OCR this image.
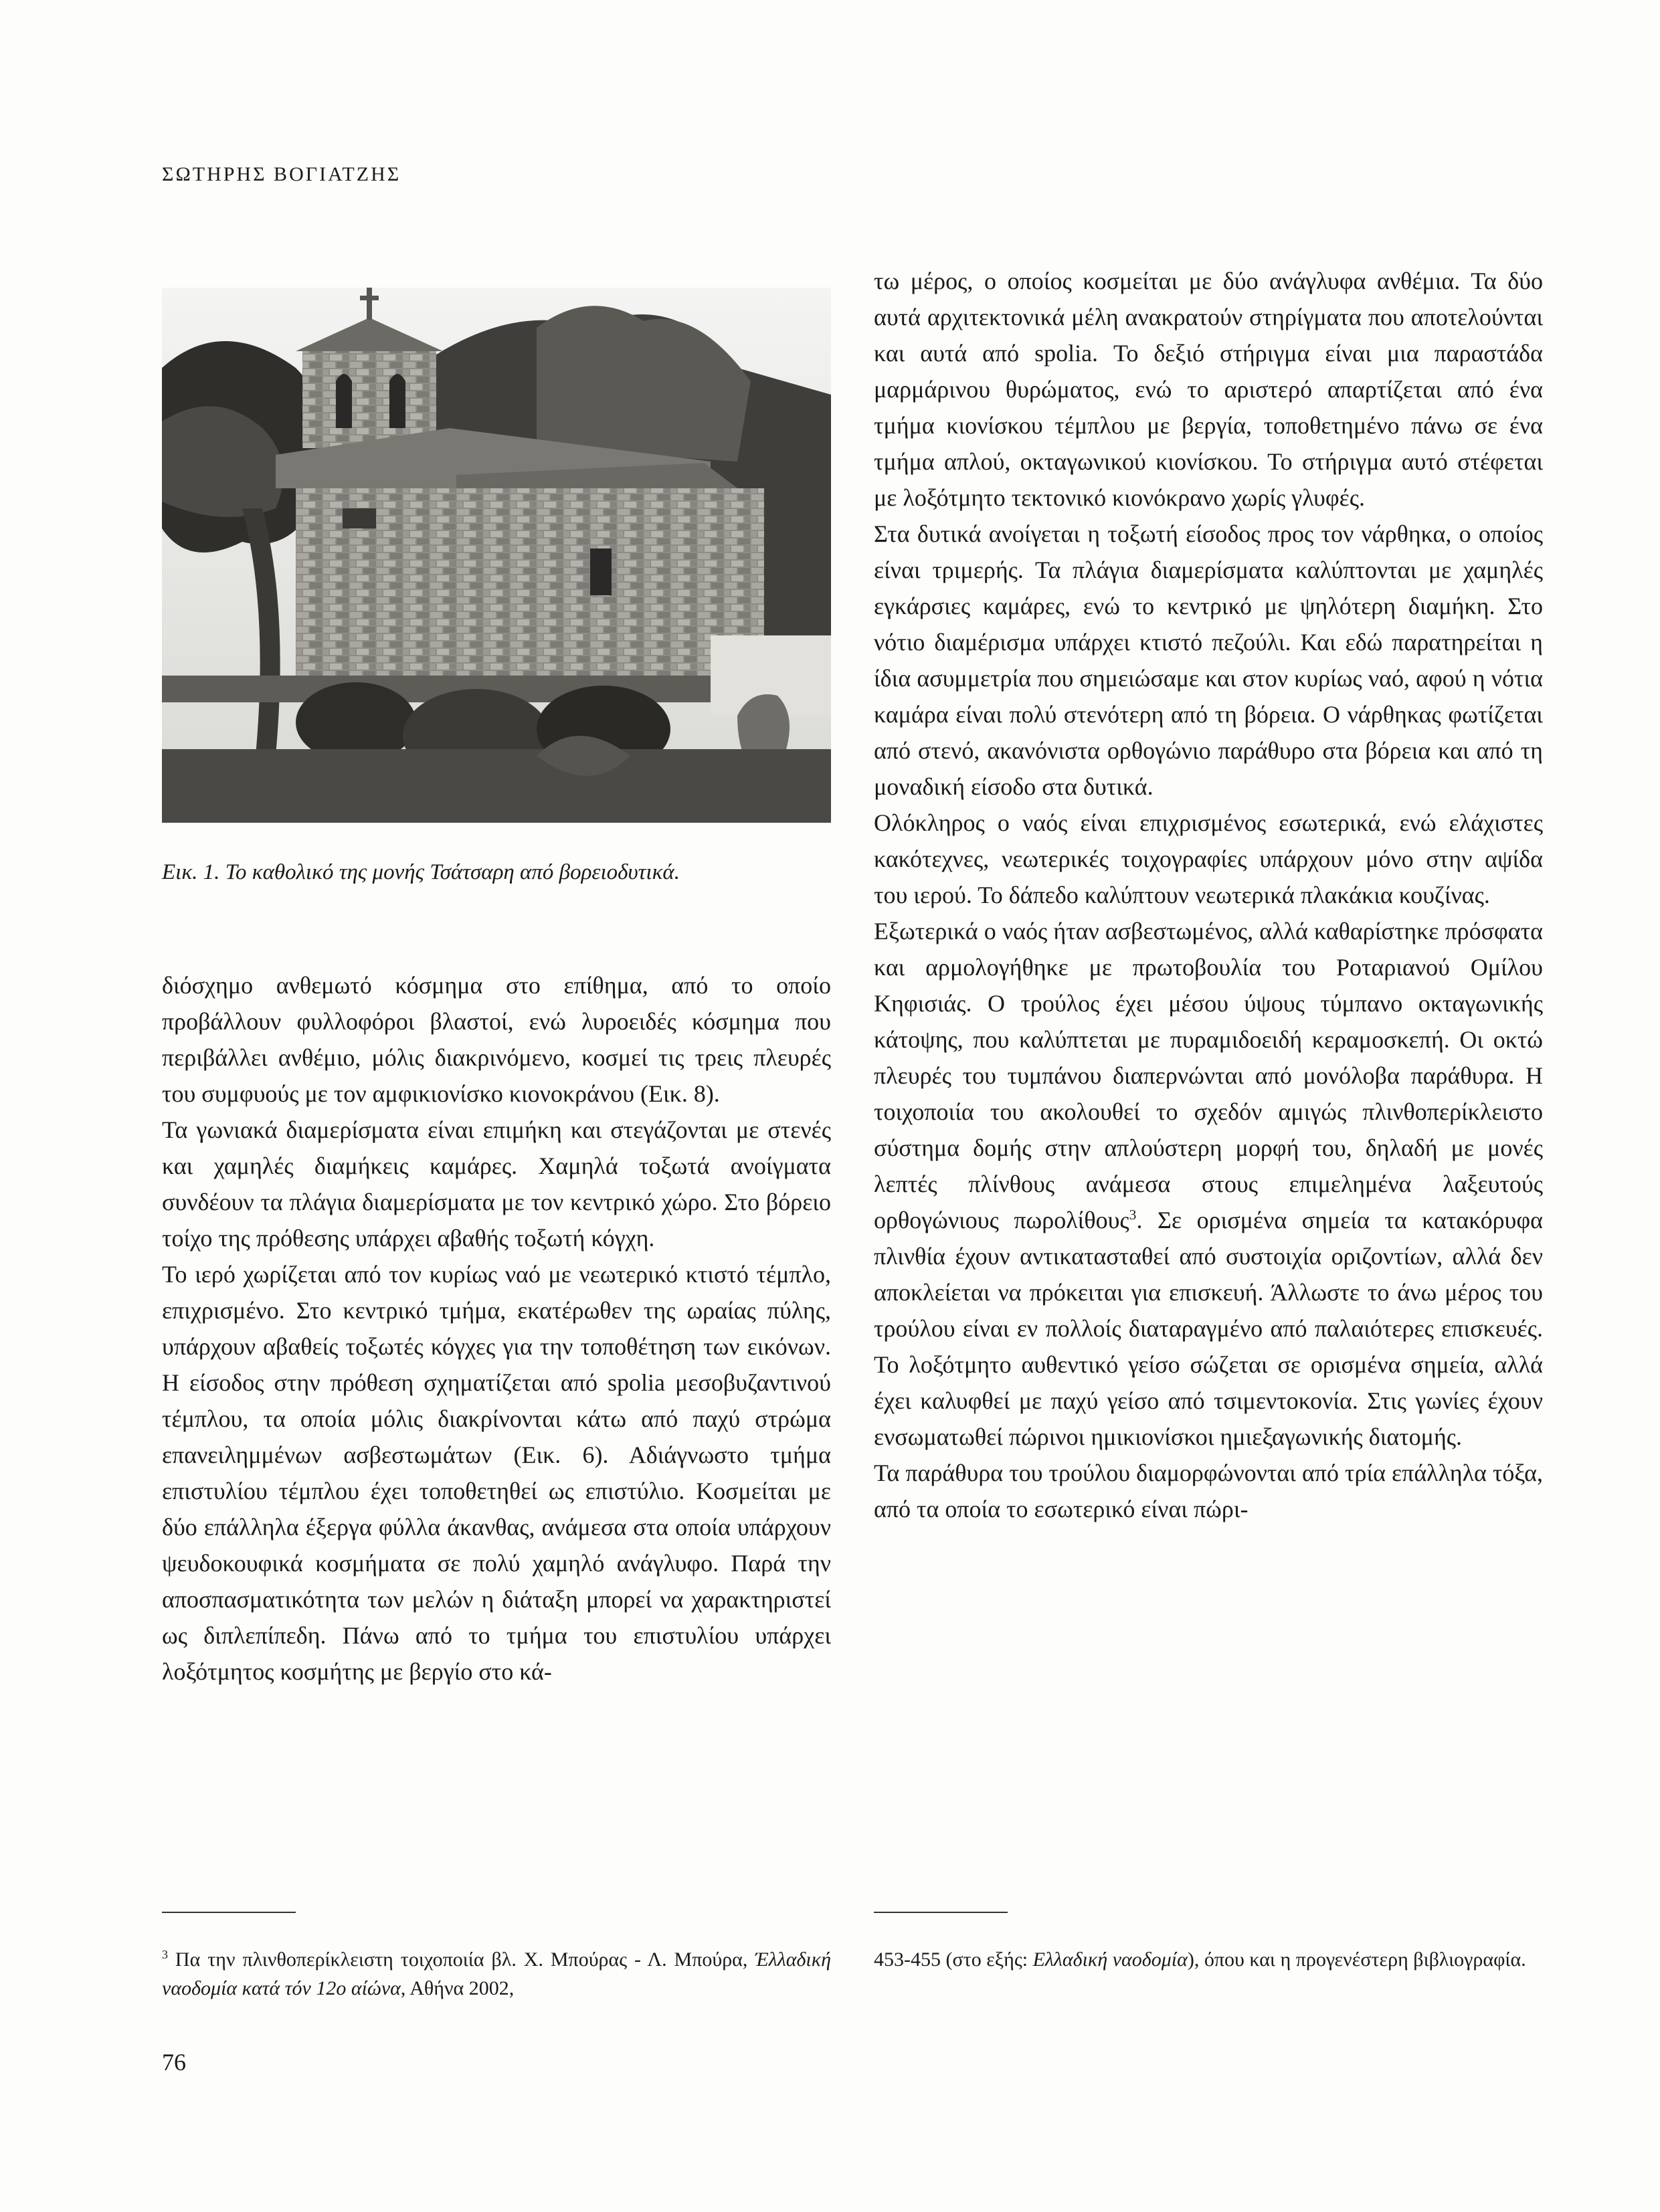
ΣΩΤΗΡΗΣ ΒΟΓΙΑΤΖΗΣ
Εικ. 1. Το καθολικό της μονής Τσάτσαρη από βορειοδυτικά.

διόσχημο ανθεμωτό κόσμημα στο επίθημα, από το οποίο προβάλλουν φυλλοφόροι βλαστοί, ενώ λυροειδές κόσμημα που περιβάλλει ανθέμιο, μόλις διακρινόμενο, κοσμεί τις τρεις πλευρές του συμφυούς με τον αμφικιονίσκο κιονοκράνου (Εικ. 8).

Τα γωνιακά διαμερίσματα είναι επιμήκη και στεγάζονται με στενές και χαμηλές διαμήκεις καμάρες. Χαμηλά τοξωτά ανοίγματα συνδέουν τα πλάγια διαμερίσματα με τον κεντρικό χώρο. Στο βόρειο τοίχο της πρόθεσης υπάρχει αβαθής τοξωτή κόγχη.

Το ιερό χωρίζεται από τον κυρίως ναό με νεωτερικό κτιστό τέμπλο, επιχρισμένο. Στο κεντρικό τμήμα, εκατέρωθεν της ωραίας πύλης, υπάρχουν αβαθείς τοξωτές κόγχες για την τοποθέτηση των εικόνων. Η είσοδος στην πρόθεση σχηματίζεται από spolia μεσοβυζαντινού τέμπλου, τα οποία μόλις διακρίνονται κάτω από παχύ στρώμα επανειλημμένων ασβεστωμάτων (Εικ. 6). Αδιάγνωστο τμήμα επιστυλίου τέμπλου έχει τοποθετηθεί ως επιστύλιο. Κοσμείται με δύο επάλληλα έξεργα φύλλα άκανθας, ανάμεσα στα οποία υπάρχουν ψευδοκουφικά κοσμήματα σε πολύ χαμηλό ανάγλυφο. Παρά την αποσπασματικότητα των μελών η διάταξη μπορεί να χαρακτηριστεί ως διπλεπίπεδη. Πάνω από το τμήμα του επιστυλίου υπάρχει λοξότμητος κοσμήτης με βεργίο στο κά-

τω μέρος, ο οποίος κοσμείται με δύο ανάγλυφα ανθέμια. Τα δύο αυτά αρχιτεκτονικά μέλη ανακρατούν στηρίγματα που αποτελούνται και αυτά από spolia. Το δεξιό στήριγμα είναι μια παραστάδα μαρμάρινου θυρώματος, ενώ το αριστερό απαρτίζεται από ένα τμήμα κιονίσκου τέμπλου με βεργία, τοποθετημένο πάνω σε ένα τμήμα απλού, οκταγωνικού κιονίσκου. Το στήριγμα αυτό στέφεται με λοξότμητο τεκτονικό κιονόκρανο χωρίς γλυφές.

Στα δυτικά ανοίγεται η τοξωτή είσοδος προς τον νάρθηκα, ο οποίος είναι τριμερής. Τα πλάγια διαμερίσματα καλύπτονται με χαμηλές εγκάρσιες καμάρες, ενώ το κεντρικό με ψηλότερη διαμήκη. Στο νότιο διαμέρισμα υπάρχει κτιστό πεζούλι. Και εδώ παρατηρείται η ίδια ασυμμετρία που σημειώσαμε και στον κυρίως ναό, αφού η νότια καμάρα είναι πολύ στενότερη από τη βόρεια. Ο νάρθηκας φωτίζεται από στενό, ακανόνιστα ορθογώνιο παράθυρο στα βόρεια και από τη μοναδική είσοδο στα δυτικά.

Ολόκληρος ο ναός είναι επιχρισμένος εσωτερικά, ενώ ελάχιστες κακότεχνες, νεωτερικές τοιχογραφίες υπάρχουν μόνο στην αψίδα του ιερού. Το δάπεδο καλύπτουν νεωτερικά πλακάκια κουζίνας.

Εξωτερικά ο ναός ήταν ασβεστωμένος, αλλά καθαρίστηκε πρόσφατα και αρμολογήθηκε με πρωτοβουλία του Ροταριανού Ομίλου Κηφισιάς. Ο τρούλος έχει μέσου ύψους τύμπανο οκταγωνικής κάτοψης, που καλύπτεται με πυραμιδοειδή κεραμοσκεπή. Οι οκτώ πλευρές του τυμπάνου διαπερνώνται από μονόλοβα παράθυρα. Η τοιχοποιία του ακολουθεί το σχεδόν αμιγώς πλινθοπερίκλειστο σύστημα δομής στην απλούστερη μορφή του, δηλαδή με μονές λεπτές πλίνθους ανάμεσα στους επιμελημένα λαξευτούς ορθογώνιους πωρολίθους$^3$. Σε ορισμένα σημεία τα κατακόρυφα πλινθία έχουν αντικατασταθεί από συστοιχία οριζοντίων, αλλά δεν αποκλείεται να πρόκειται για επισκευή. Άλλωστε το άνω μέρος του τρούλου είναι εν πολλοίς διαταραγμένο από παλαιότερες επισκευές. Το λοξότμητο αυθεντικό γείσο σώζεται σε ορισμένα σημεία, αλλά έχει καλυφθεί με παχύ γείσο από τσιμεντοκονία. Στις γωνίες έχουν ενσωματωθεί πώρινοι ημικιονίσκοι ημιεξαγωνικής διατομής.

Τα παράθυρα του τρούλου διαμορφώνονται από τρία επάλληλα τόξα, από τα οποία το εσωτερικό είναι πώρι-

$^3$ Πα την πλινθοπερίκλειστη τοιχοποιία βλ. Χ. Μπούρας - Λ. Μπούρα, Έλλαδική ναοδομία κατά τόν 12ο αίώνα, Αθήνα 2002,

453-455 (στο εξής: Ελλαδική ναοδομία), όπου και η προγενέστερη βιβλιογραφία.

76
